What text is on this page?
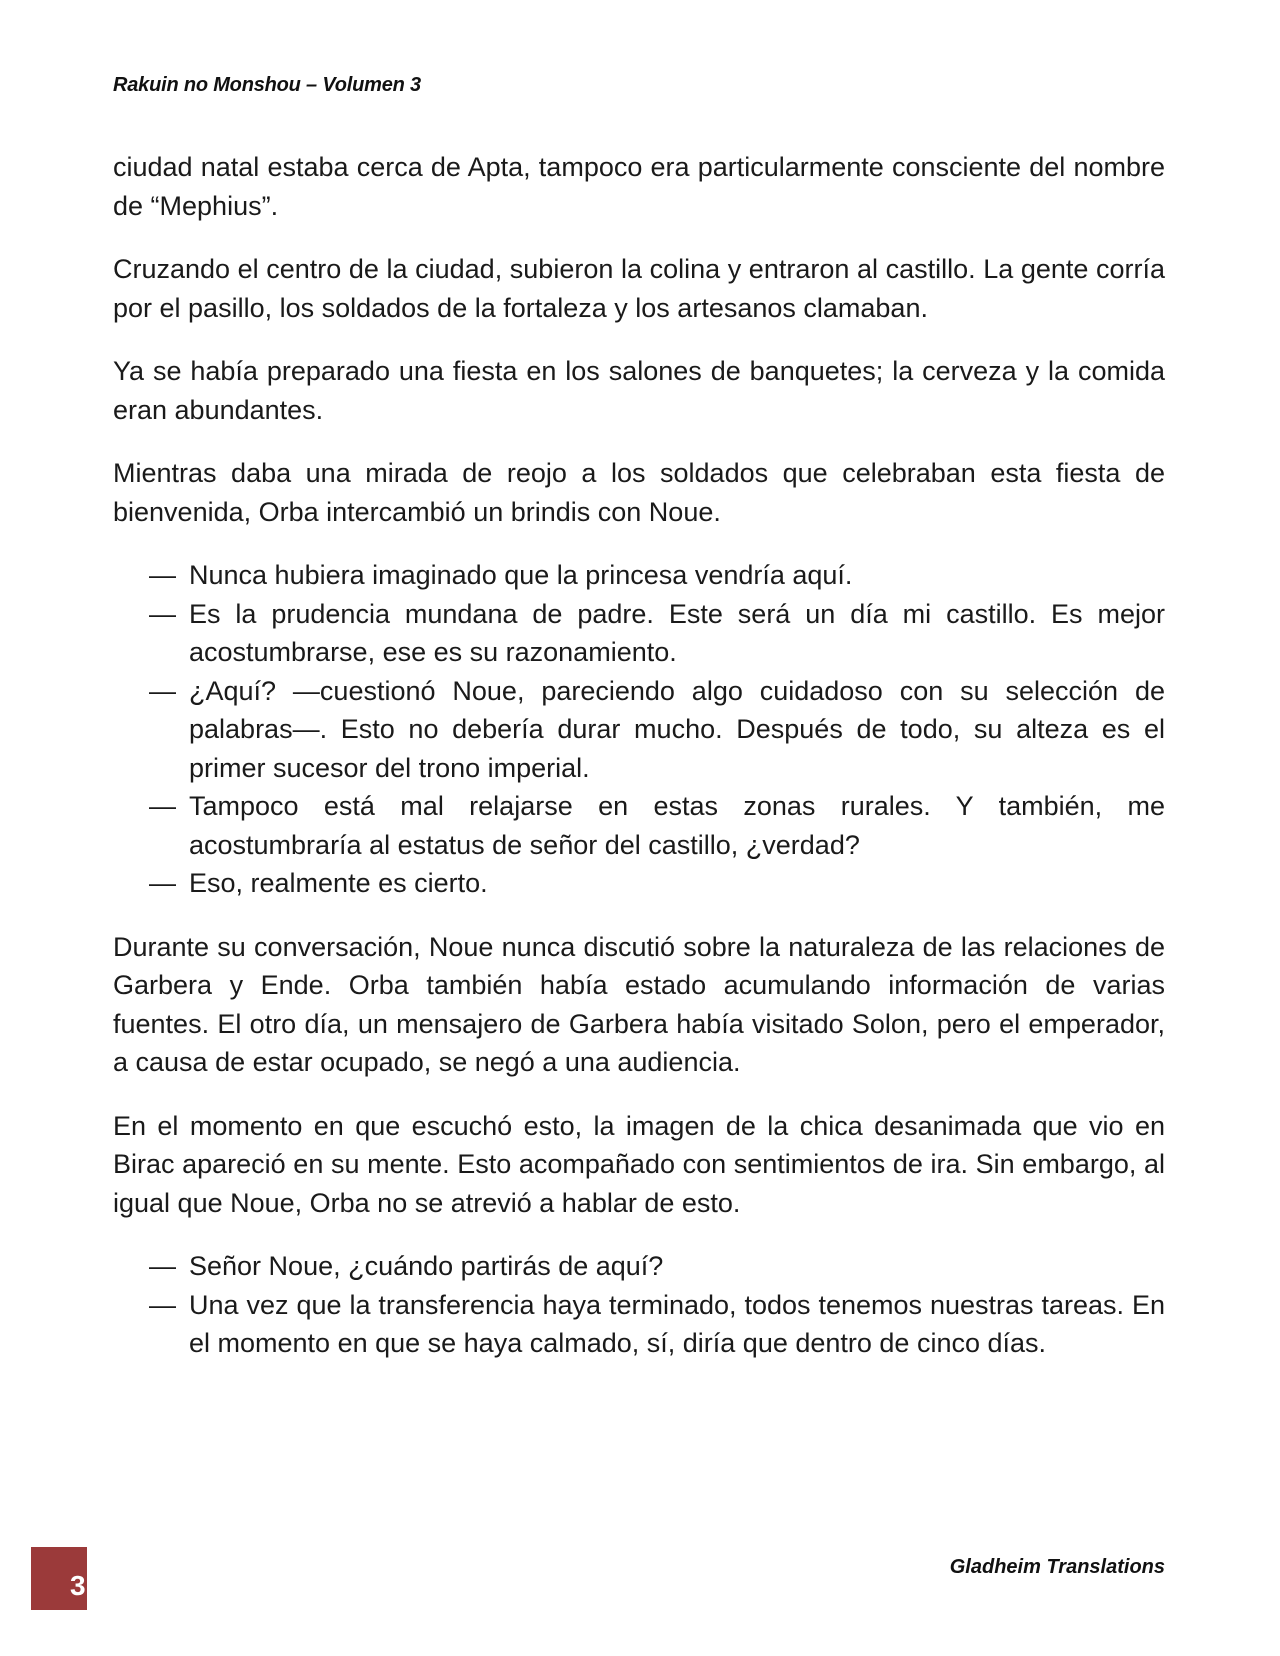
Rakuin no Monshou – Volumen 3

ciudad natal estaba cerca de Apta, tampoco era particularmente consciente del nombre de “Mephius”.

Cruzando el centro de la ciudad, subieron la colina y entraron al castillo. La gente corría por el pasillo, los soldados de la fortaleza y los artesanos clamaban.

Ya se había preparado una fiesta en los salones de banquetes; la cerveza y la comida eran abundantes.

Mientras daba una mirada de reojo a los soldados que celebraban esta fiesta de bienvenida, Orba intercambió un brindis con Noue.

— Nunca hubiera imaginado que la princesa vendría aquí.
— Es la prudencia mundana de padre. Este será un día mi castillo. Es mejor acostumbrarse, ese es su razonamiento.
— ¿Aquí? —cuestionó Noue, pareciendo algo cuidadoso con su selección de palabras—. Esto no debería durar mucho. Después de todo, su alteza es el primer sucesor del trono imperial.
— Tampoco está mal relajarse en estas zonas rurales. Y también, me acostumbraría al estatus de señor del castillo, ¿verdad?
— Eso, realmente es cierto.

Durante su conversación, Noue nunca discutió sobre la naturaleza de las relaciones de Garbera y Ende. Orba también había estado acumulando información de varias fuentes. El otro día, un mensajero de Garbera había visitado Solon, pero el emperador, a causa de estar ocupado, se negó a una audiencia.

En el momento en que escuchó esto, la imagen de la chica desanimada que vio en Birac apareció en su mente. Esto acompañado con sentimientos de ira. Sin embargo, al igual que Noue, Orba no se atrevió a hablar de esto.

— Señor Noue, ¿cuándo partirás de aquí?
— Una vez que la transferencia haya terminado, todos tenemos nuestras tareas. En el momento en que se haya calmado, sí, diría que dentro de cinco días.
3
Gladheim Translations
